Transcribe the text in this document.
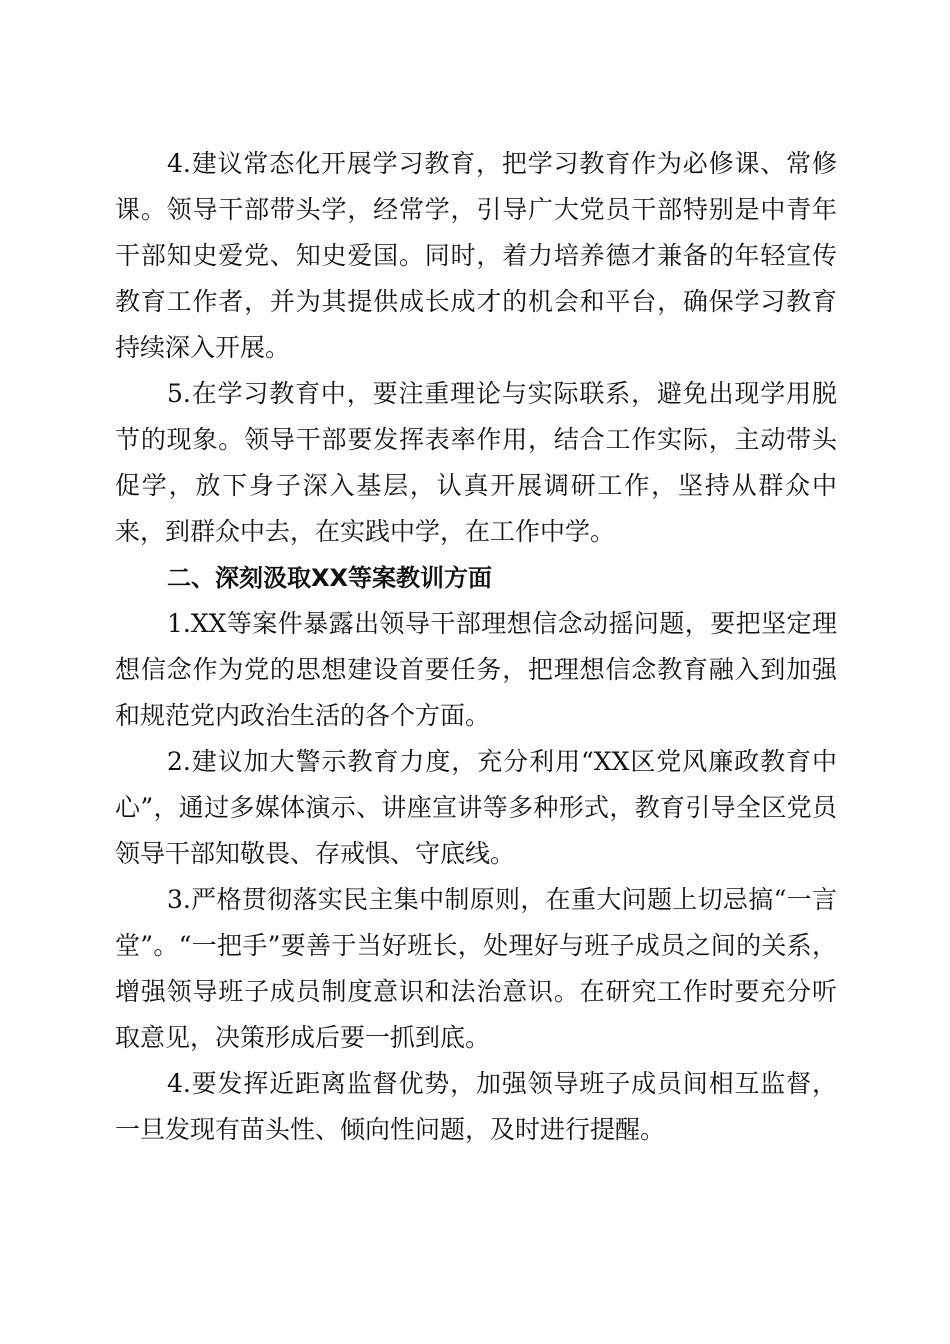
4.建议常态化开展学习教育，把学习教育作为必修课、常修课。领导干部带头学，经常学，引导广大党员干部特别是中青年干部知史爱党、知史爱国。同时，着力培养德才兼备的年轻宣传教育工作者，并为其提供成长成才的机会和平台，确保学习教育持续深入开展。

5.在学习教育中，要注重理论与实际联系，避免出现学用脱节的现象。领导干部要发挥表率作用，结合工作实际，主动带头促学，放下身子深入基层，认真开展调研工作，坚持从群众中来，到群众中去，在实践中学，在工作中学。

二、深刻汲取XX等案教训方面

1.XX等案件暴露出领导干部理想信念动摇问题，要把坚定理想信念作为党的思想建设首要任务，把理想信念教育融入到加强和规范党内政治生活的各个方面。

2.建议加大警示教育力度，充分利用“XX区党风廉政教育中心”，通过多媒体演示、讲座宣讲等多种形式，教育引导全区党员领导干部知敬畏、存戒惧、守底线。

3.严格贯彻落实民主集中制原则，在重大问题上切忌搞“一言堂”。“一把手”要善于当好班长，处理好与班子成员之间的关系，增强领导班子成员制度意识和法治意识。在研究工作时要充分听取意见，决策形成后要一抓到底。

4.要发挥近距离监督优势，加强领导班子成员间相互监督，一旦发现有苗头性、倾向性问题，及时进行提醒。
